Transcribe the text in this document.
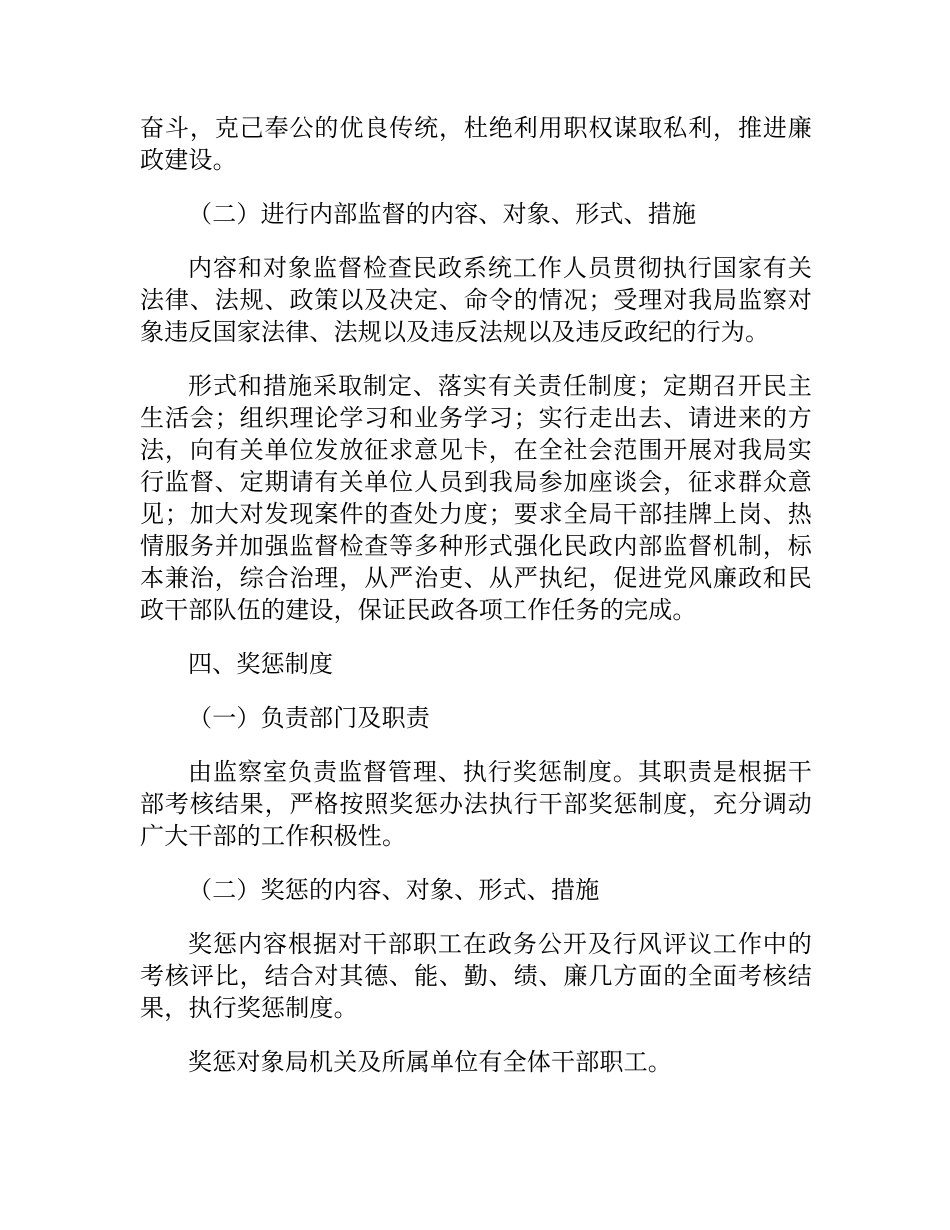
奋斗，克己奉公的优良传统，杜绝利用职权谋取私利，推进廉政建设。

（二）进行内部监督的内容、对象、形式、措施

内容和对象监督检查民政系统工作人员贯彻执行国家有关法律、法规、政策以及决定、命令的情况；受理对我局监察对象违反国家法律、法规以及违反法规以及违反政纪的行为。

形式和措施采取制定、落实有关责任制度；定期召开民主生活会；组织理论学习和业务学习；实行走出去、请进来的方法，向有关单位发放征求意见卡，在全社会范围开展对我局实行监督、定期请有关单位人员到我局参加座谈会，征求群众意见；加大对发现案件的查处力度；要求全局干部挂牌上岗、热情服务并加强监督检查等多种形式强化民政内部监督机制，标本兼治，综合治理，从严治吏、从严执纪，促进党风廉政和民政干部队伍的建设，保证民政各项工作任务的完成。

四、奖惩制度

（一）负责部门及职责

由监察室负责监督管理、执行奖惩制度。其职责是根据干部考核结果，严格按照奖惩办法执行干部奖惩制度，充分调动广大干部的工作积极性。

（二）奖惩的内容、对象、形式、措施

奖惩内容根据对干部职工在政务公开及行风评议工作中的考核评比，结合对其德、能、勤、绩、廉几方面的全面考核结果，执行奖惩制度。

奖惩对象局机关及所属单位有全体干部职工。
